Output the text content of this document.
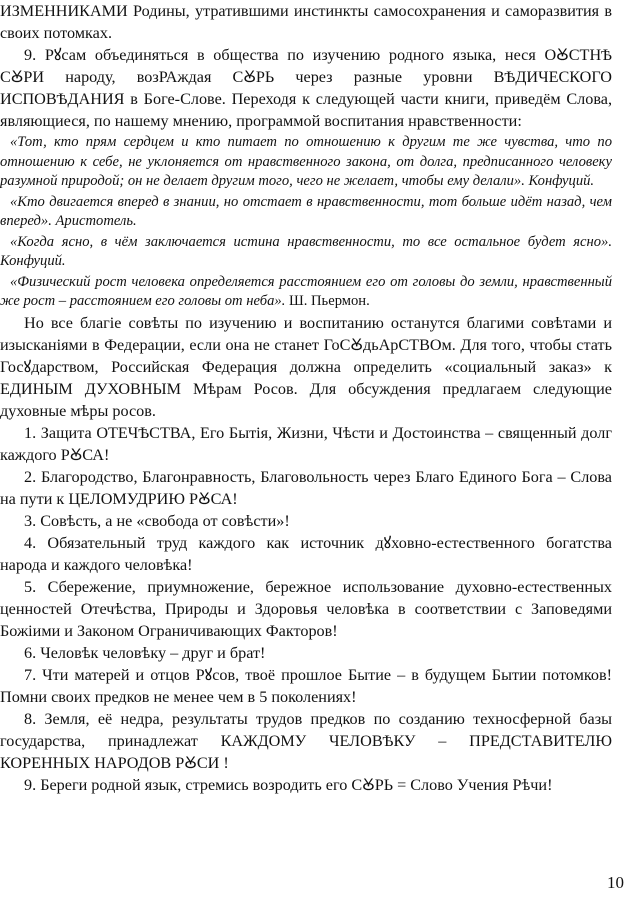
ИЗМЕННИКАМИ Родины, утратившими инстинкты самосохранения и саморазвития в своих потомках.

9. Рꙋсам объединяться в общества по изучению родного языка, неся ОꙊСТНѢ СꙊРИ народу, возРАждая СꙊРЬ через разные уровни ВѢДИЧЕСКОГО ИСПОВѢДАНИЯ в Боге-Слове. Переходя к следующей части книги, приведём Слова, являющиеся, по нашему мнению, программой воспитания нравственности:

«Тот, кто прям сердцем и кто питает по отношению к другим те же чувства, что по отношению к себе, не уклоняется от нравственного закона, от долга, предписанного человеку разумной природой; он не делает другим того, чего не желает, чтобы ему делали». Конфуций.

«Кто двигается вперед в знании, но отстает в нравственности, тот больше идёт назад, чем вперед». Аристотель.

«Когда ясно, в чём заключается истина нравственности, то все остальное будет ясно». Конфуций.

«Физический рост человека определяется расстоянием его от головы до земли, нравственный же рост – расстоянием его головы от неба». Ш. Пьермон.

Но все благіе совѣты по изучению и воспитанию останутся благими совѣтами и изысканіями в Федерации, если она не станет ГоСꙊдьАрСТВОм. Для того, чтобы стать Госꙋдарством, Российская Федерация должна определить «социальный заказ» к ЕДИНЫМ ДУХОВНЫМ Мѣрам Росов. Для обсуждения предлагаем следующие духовные мѣры росов.

1. Защита ОТЕЧѢСТВА, Его Бытія, Жизни, Чѣсти и Достоинства – священный долг каждого РꙊСА!

2. Благородство, Благонравность, Благовольность через Благо Единого Бога – Слова на пути к ЦЕЛОМУДРИЮ РꙊСА!

3. Совѣсть, а не «свобода от совѣсти»!

4. Обязательный труд каждого как источник дꙋховно-естественного богатства народа и каждого человѣка!

5. Сбережение, приумножение, бережное использование духовно-естественных ценностей Отечѣства, Природы и Здоровья человѣка в соответствии с Заповедями Божіими и Законом Ограничивающих Факторов!

6. Человѣк человѣку – друг и брат!

7. Чти матерей и отцов Рꙋсов, твоё прошлое Бытие – в будущем Бытии потомков! Помни своих предков не менее чем в 5 поколениях!

8. Земля, её недра, результаты трудов предков по созданию техносферной базы государства, принадлежат КАЖДОМУ ЧЕЛОВѢКУ – ПРЕДСТАВИТЕЛЮ КОРЕННЫХ НАРОДОВ РꙊСИ !

9. Береги родной язык, стремись возродить его СꙊРЬ = Слово Учения Рѣчи!

10
